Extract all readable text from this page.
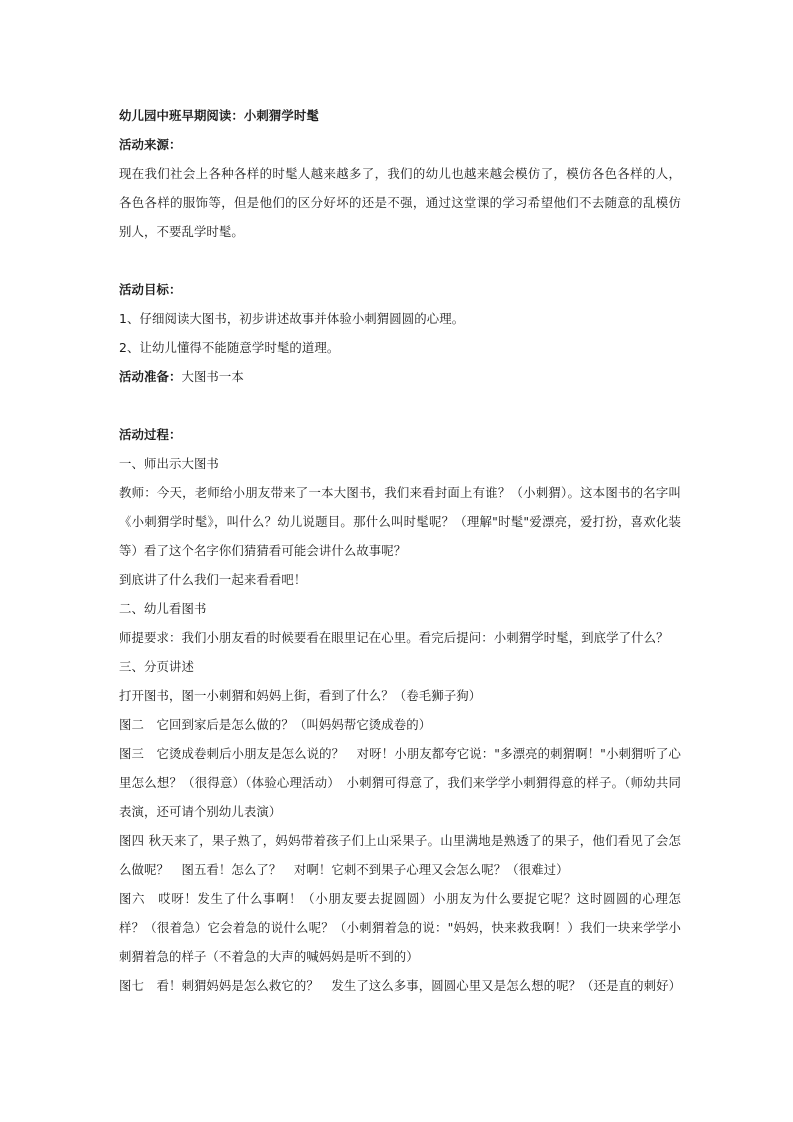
幼儿园中班早期阅读：小刺猬学时髦

活动来源：

现在我们社会上各种各样的时髦人越来越多了，我们的幼儿也越来越会模仿了，模仿各色各样的人，各色各样的服饰等，但是他们的区分好坏的还是不强，通过这堂课的学习希望他们不去随意的乱模仿别人，不要乱学时髦。

活动目标：

1、仔细阅读大图书，初步讲述故事并体验小刺猬圆圆的心理。

2、让幼儿懂得不能随意学时髦的道理。

活动准备：大图书一本

活动过程：

一、师出示大图书

教师：今天，老师给小朋友带来了一本大图书，我们来看封面上有谁？（小刺猬）。这本图书的名字叫《小刺猬学时髦》，叫什么？幼儿说题目。那什么叫时髦呢？（理解"时髦"爱漂亮，爱打扮，喜欢化装等）看了这个名字你们猜猜看可能会讲什么故事呢？

到底讲了什么我们一起来看看吧！

二、幼儿看图书

师提要求：我们小朋友看的时候要看在眼里记在心里。看完后提问：小刺猬学时髦，到底学了什么？

三、分页讲述

打开图书，图一小刺猬和妈妈上街，看到了什么？（卷毛狮子狗）

图二　它回到家后是怎么做的？（叫妈妈帮它烫成卷的）

图三　它烫成卷刺后小朋友是怎么说的？　对呀！小朋友都夸它说："多漂亮的刺猬啊！"小刺猬听了心里怎么想？（很得意）（体验心理活动）　小刺猬可得意了，我们来学学小刺猬得意的样子。（师幼共同表演，还可请个别幼儿表演）

图四 秋天来了，果子熟了，妈妈带着孩子们上山采果子。山里满地是熟透了的果子，他们看见了会怎么做呢？　图五看！怎么了？　对啊！它刺不到果子心理又会怎么呢？（很难过）

图六　哎呀！发生了什么事啊！（小朋友要去捉圆圆）小朋友为什么要捉它呢？这时圆圆的心理怎样？（很着急）它会着急的说什么呢？（小刺猬着急的说："妈妈，快来救我啊！）我们一块来学学小刺猬着急的样子（不着急的大声的喊妈妈是听不到的）

图七　看！刺猬妈妈是怎么救它的？　发生了这么多事，圆圆心里又是怎么想的呢？（还是直的刺好）
